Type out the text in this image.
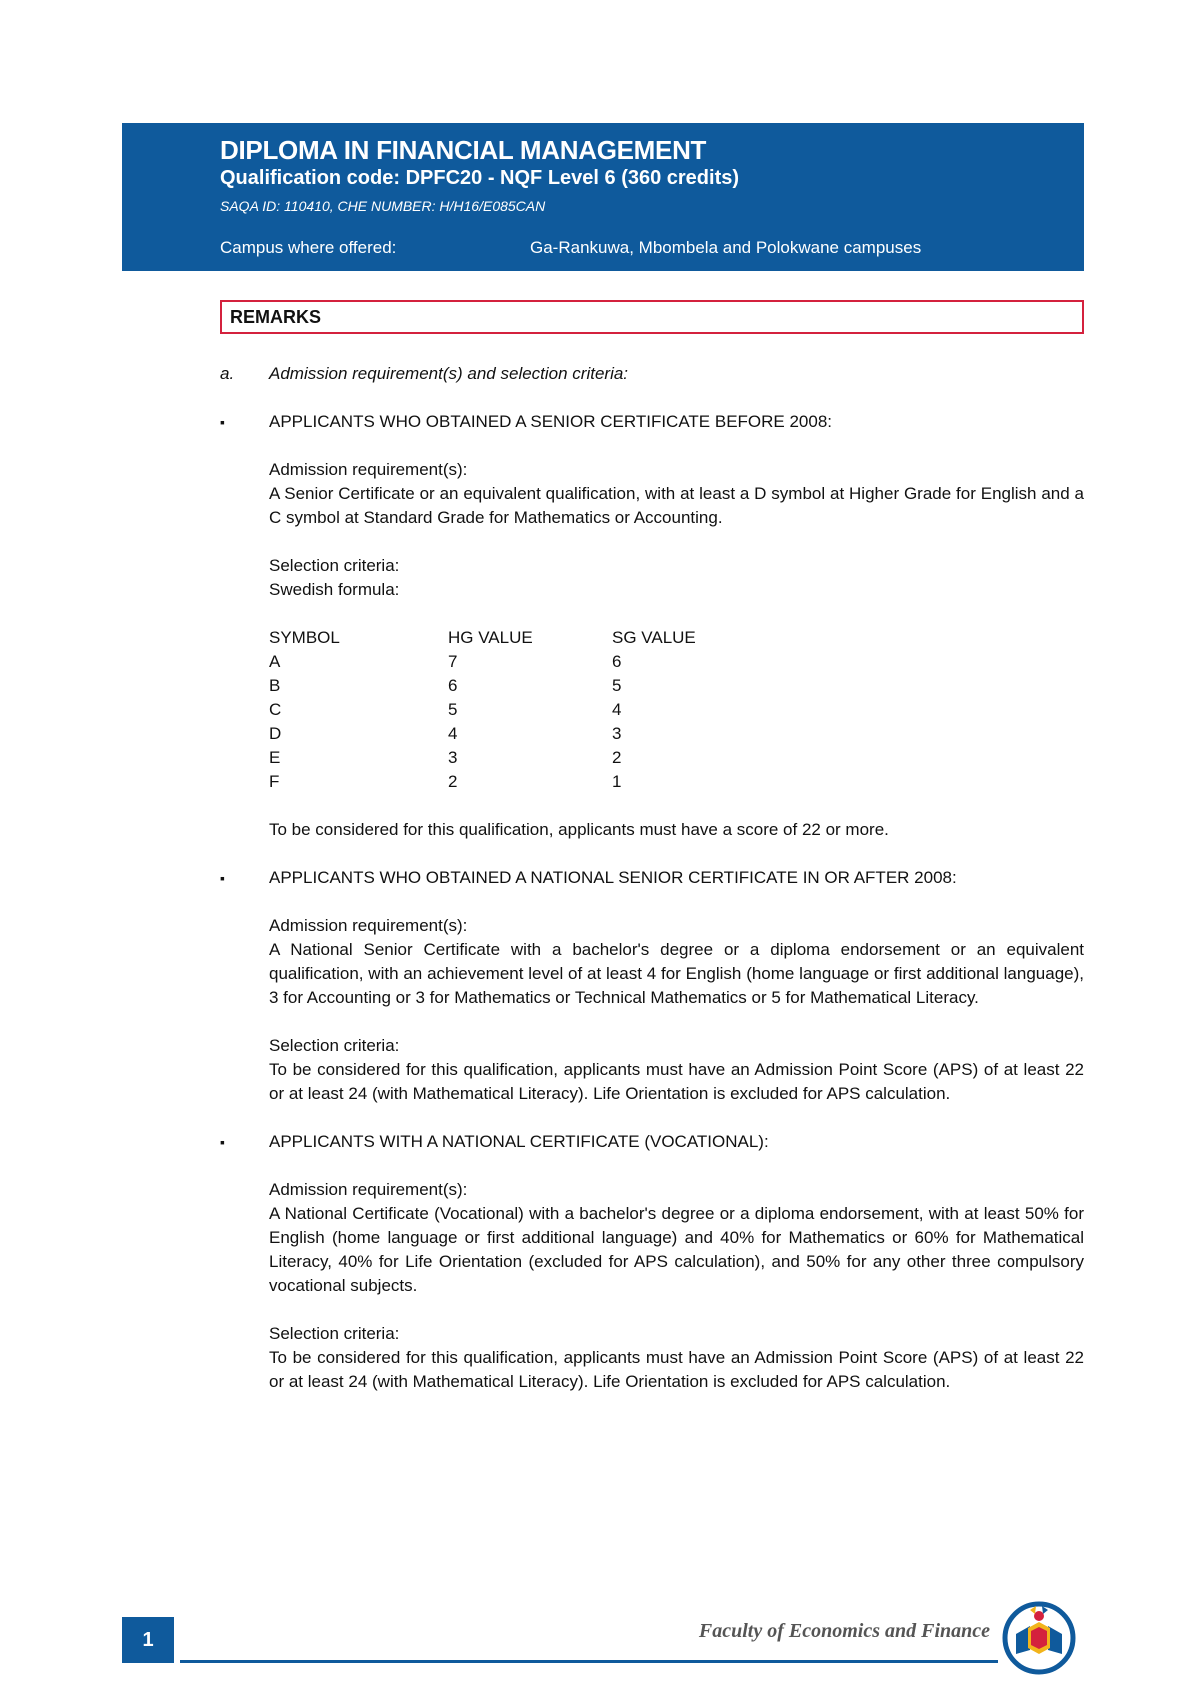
DIPLOMA IN FINANCIAL MANAGEMENT
Qualification code: DPFC20 - NQF Level 6 (360 credits)
SAQA ID: 110410, CHE NUMBER: H/H16/E085CAN
Campus where offered:	Ga-Rankuwa, Mbombela and Polokwane campuses
REMARKS
a. Admission requirement(s) and selection criteria:
▪	APPLICANTS WHO OBTAINED A SENIOR CERTIFICATE BEFORE 2008:
Admission requirement(s):
A Senior Certificate or an equivalent qualification, with at least a D symbol at Higher Grade for English and a C symbol at Standard Grade for Mathematics or Accounting.
Selection criteria:
Swedish formula:
SYMBOL	HG VALUE	SG VALUE
A	7	6
B	6	5
C	5	4
D	4	3
E	3	2
F	2	1
To be considered for this qualification, applicants must have a score of 22 or more.
▪	APPLICANTS WHO OBTAINED A NATIONAL SENIOR CERTIFICATE IN OR AFTER 2008:
Admission requirement(s):
A National Senior Certificate with a bachelor's degree or a diploma endorsement or an equivalent qualification, with an achievement level of at least 4 for English (home language or first additional language), 3 for Accounting or 3 for Mathematics or Technical Mathematics or 5 for Mathematical Literacy.
Selection criteria:
To be considered for this qualification, applicants must have an Admission Point Score (APS) of at least 22 or at least 24 (with Mathematical Literacy). Life Orientation is excluded for APS calculation.
▪	APPLICANTS WITH A NATIONAL CERTIFICATE (VOCATIONAL):
Admission requirement(s):
A National Certificate (Vocational) with a bachelor's degree or a diploma endorsement, with at least 50% for English (home language or first additional language) and 40% for Mathematics or 60% for Mathematical Literacy, 40% for Life Orientation (excluded for APS calculation), and 50% for any other three compulsory vocational subjects.
Selection criteria:
To be considered for this qualification, applicants must have an Admission Point Score (APS) of at least 22 or at least 24 (with Mathematical Literacy). Life Orientation is excluded for APS calculation.
1	Faculty of Economics and Finance
